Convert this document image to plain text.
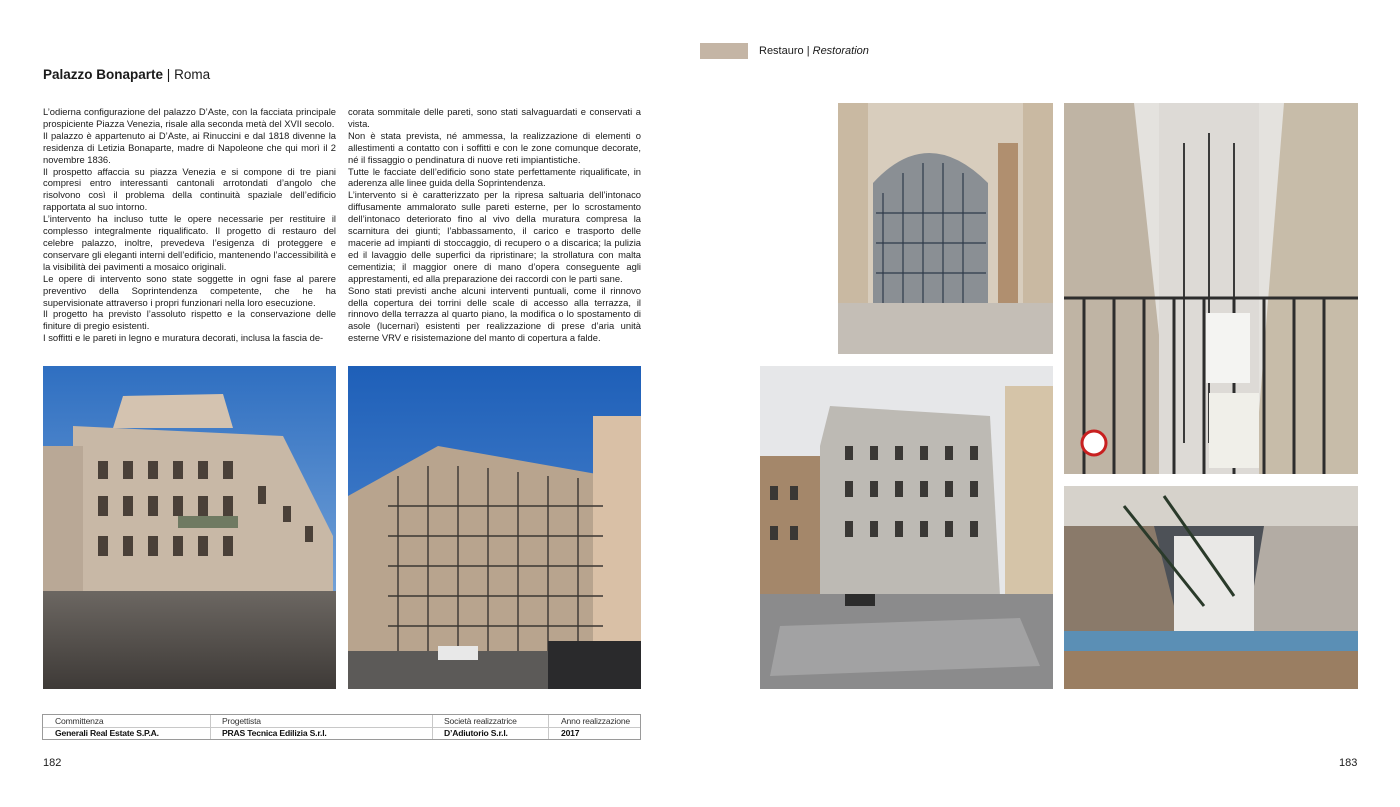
Restauro | Restoration
Palazzo Bonaparte | Roma

L’odierna configurazione del palazzo D’Aste, con la facciata principale prospiciente Piazza Venezia, risale alla seconda metà del XVII secolo.

Il palazzo è appartenuto ai D’Aste, ai Rinuccini e dal 1818 divenne la residenza di Letizia Bonaparte, madre di Napoleone che qui morì il 2 novembre 1836.

Il prospetto affaccia su piazza Venezia e si compone di tre piani compresi entro interessanti cantonali arrotondati d’angolo che risolvono così il problema della continuità spaziale dell’edificio rapportata al suo intorno.

L’intervento ha incluso tutte le opere necessarie per restituire il complesso integralmente riqualificato. Il progetto di restauro del celebre palazzo, inoltre, prevedeva l’esigenza di proteggere e conservare gli eleganti interni dell’edificio, mantenendo l’accessibilità e la visibilità dei pavimenti a mosaico originali.

Le opere di intervento sono state soggette in ogni fase al parere preventivo della Soprintendenza competente, che he ha supervisionate attraverso i propri funzionari nella loro esecuzione.

Il progetto ha previsto l’assoluto rispetto e la conservazione delle finiture di pregio esistenti.

I soffitti e le pareti in legno e muratura decorati, inclusa la fascia de-

corata sommitale delle pareti, sono stati salvaguardati e conservati a vista.

Non è stata prevista, né ammessa, la realizzazione di elementi o allestimenti a contatto con i soffitti e con le zone comunque decorate, né il fissaggio o pendinatura di nuove reti impiantistiche.

Tutte le facciate dell’edificio sono state perfettamente riqualificate, in aderenza alle linee guida della Soprintendenza.

L’intervento si è caratterizzato per la ripresa saltuaria dell’intonaco diffusamente ammalorato sulle pareti esterne, per lo scrostamento dell’intonaco deteriorato fino al vivo della muratura compresa la scarnitura dei giunti; l’abbassamento, il carico e trasporto delle macerie ad impianti di stoccaggio, di recupero o a discarica; la pulizia ed il lavaggio delle superfici da ripristinare; la strollatura con malta cementizia; il maggior onere di mano d’opera conseguente agli apprestamenti, ed alla preparazione dei raccordi con le parti sane.

Sono stati previsti anche alcuni interventi puntuali, come il rinnovo della copertura dei torrini delle scale di accesso alla terrazza, il rinnovo della terrazza al quarto piano, la modifica o lo spostamento di asole (lucernari) esistenti per realizzazione di prese d’aria unità esterne VRV e risistemazione del manto di copertura a falde.

Committenza
Generali Real Estate S.P.A.
Progettista
PRAS Tecnica Edilizia S.r.l.
Società realizzatrice
D’Adiutorio S.r.l.
Anno realizzazione
2017
182	183
